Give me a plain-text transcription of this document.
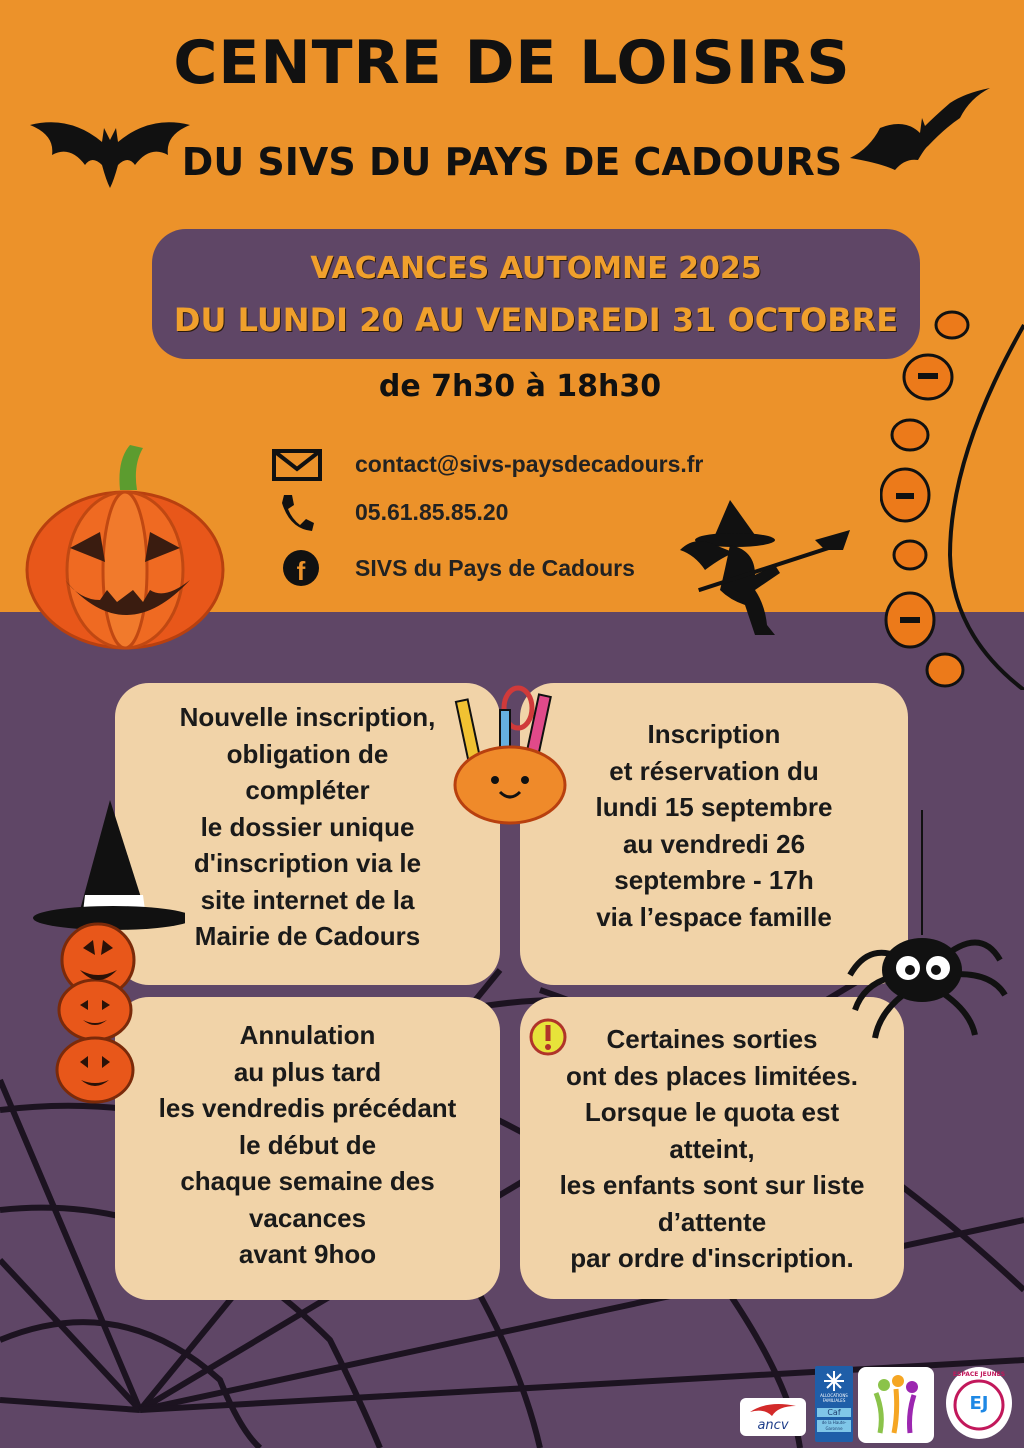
CENTRE DE LOISIRS
DU SIVS DU PAYS DE CADOURS
VACANCES AUTOMNE 2025
DU LUNDI 20 AU VENDREDI 31 OCTOBRE
de 7h30 à 18h30
contact@sivs-paysdecadours.fr
05.61.85.85.20
f SIVS du Pays de Cadours
Nouvelle inscription,
obligation de
compléter
le dossier unique
d'inscription via le
site internet de la
Mairie de Cadours
Inscription
et réservation du
lundi 15 septembre
au vendredi 26
septembre - 17h
via l’espace famille
Annulation
au plus tard
les vendredis précédant
le début de
chaque semaine des
vacances
avant 9hoo
Certaines sorties
ont des places limitées.
Lorsque le quota est
atteint,
les enfants sont sur liste
d’attente
par ordre d'inscription.
ancv
ALLOCATIONS FAMILIALES
Caf
de la Haute-Garonne
ESPACE JEUNES
EJ
